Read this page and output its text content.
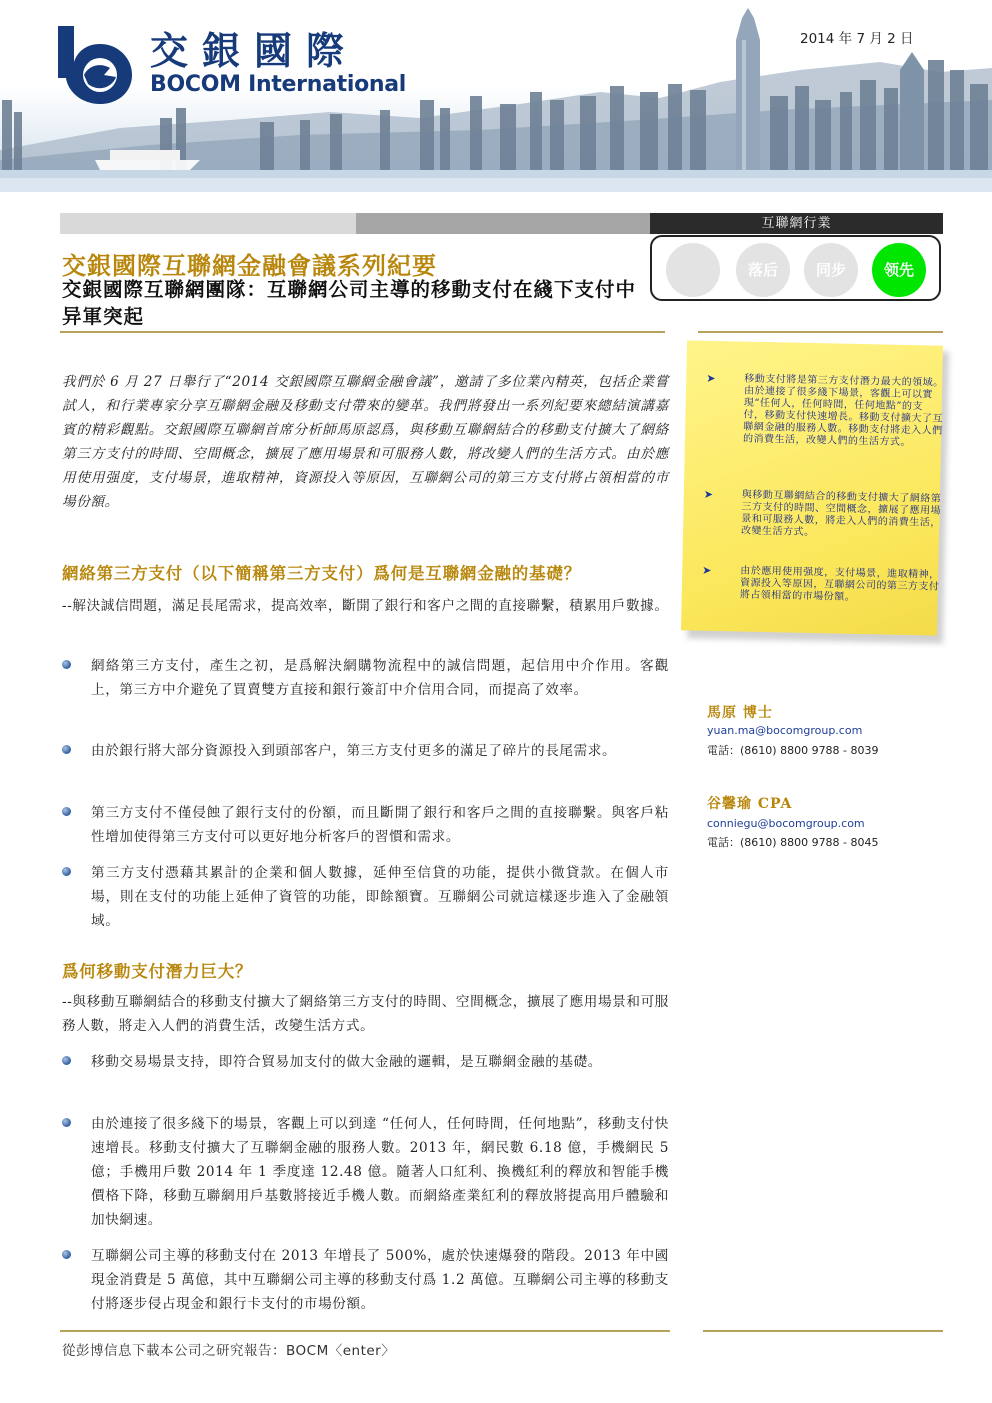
交銀國際
BOCOM International
2014 年 7 月 2 日
互聯網行業
落后	同步	领先
交銀國際互聯網金融會議系列紀要
交銀國際互聯網團隊：互聯網公司主導的移動支付在綫下支付中异軍突起
我們於 6 月 27 日舉行了“2014 交銀國際互聯網金融會議”，邀請了多位業內精英，包括企業嘗試人，和行業專家分享互聯網金融及移動支付帶來的變革。我們將發出一系列紀要來總結演講嘉賓的精彩觀點。交銀國際互聯網首席分析師馬原認爲，與移動互聯網結合的移動支付擴大了網絡第三方支付的時間、空間概念，擴展了應用場景和可服務人數，將改變人們的生活方式。由於應用使用强度，支付場景，進取精神，資源投入等原因，互聯網公司的第三方支付將占領相當的市場份額。
網絡第三方支付（以下簡稱第三方支付）爲何是互聯網金融的基礎？
--解決誠信問題，滿足長尾需求，提高效率，斷開了銀行和客户之間的直接聯繫，積累用戶數據。
網絡第三方支付，產生之初，是爲解決網購物流程中的誠信問題，起信用中介作用。客觀上，第三方中介避免了買賣雙方直接和銀行簽訂中介信用合同，而提高了效率。
由於銀行將大部分資源投入到頭部客户，第三方支付更多的滿足了碎片的長尾需求。
第三方支付不僅侵蝕了銀行支付的份額，而且斷開了銀行和客戶之間的直接聯繫。與客戶粘性增加使得第三方支付可以更好地分析客戶的習慣和需求。
第三方支付憑藉其累計的企業和個人數據，延伸至信貸的功能，提供小微貸款。在個人市場，則在支付的功能上延伸了資管的功能，即餘額寶。互聯網公司就這樣逐步進入了金融領域。
爲何移動支付潛力巨大？
--與移動互聯網結合的移動支付擴大了網絡第三方支付的時間、空間概念，擴展了應用場景和可服務人數，將走入人們的消費生活，改變生活方式。
移動交易場景支持，即符合貿易加支付的做大金融的邏輯，是互聯網金融的基礎。
由於連接了很多綫下的場景，客觀上可以到達 “任何人，任何時間，任何地點”，移動支付快速增長。移動支付擴大了互聯網金融的服務人數。2013 年，網民數 6.18 億，手機網民 5 億；手機用戶數 2014 年 1 季度達 12.48 億。隨著人口紅利、換機紅利的釋放和智能手機價格下降，移動互聯網用戶基數將接近手機人數。而網絡產業紅利的釋放將提高用戶體驗和加快網速。
互聯網公司主導的移動支付在 2013 年增長了 500%，處於快速爆發的階段。2013 年中國現金消費是 5 萬億，其中互聯網公司主導的移動支付爲 1.2 萬億。互聯網公司主導的移動支付將逐步侵占現金和銀行卡支付的市場份額。
➤	移動支付將是第三方支付潛力最大的領域。由於連接了很多綫下場景，客觀上可以實現“任何人，任何時間，任何地點”的支付，移動支付快速增長。移動支付擴大了互聯網金融的服務人數。移動支付將走入人們的消費生活，改變人們的生活方式。
➤	與移動互聯網結合的移動支付擴大了網絡第三方支付的時間、空間概念，擴展了應用場景和可服務人數，將走入人們的消費生活，改變生活方式。
➤	由於應用使用强度，支付場景，進取精神，資源投入等原因，互聯網公司的第三方支付將占領相當的市場份額。
馬原 博士
yuan.ma@bocomgroup.com
電話：(8610) 8800 9788 - 8039
谷馨瑜 CPA
conniegu@bocomgroup.com
電話：(8610) 8800 9788 - 8045
從彭博信息下載本公司之研究報告：BOCM〈enter〉
